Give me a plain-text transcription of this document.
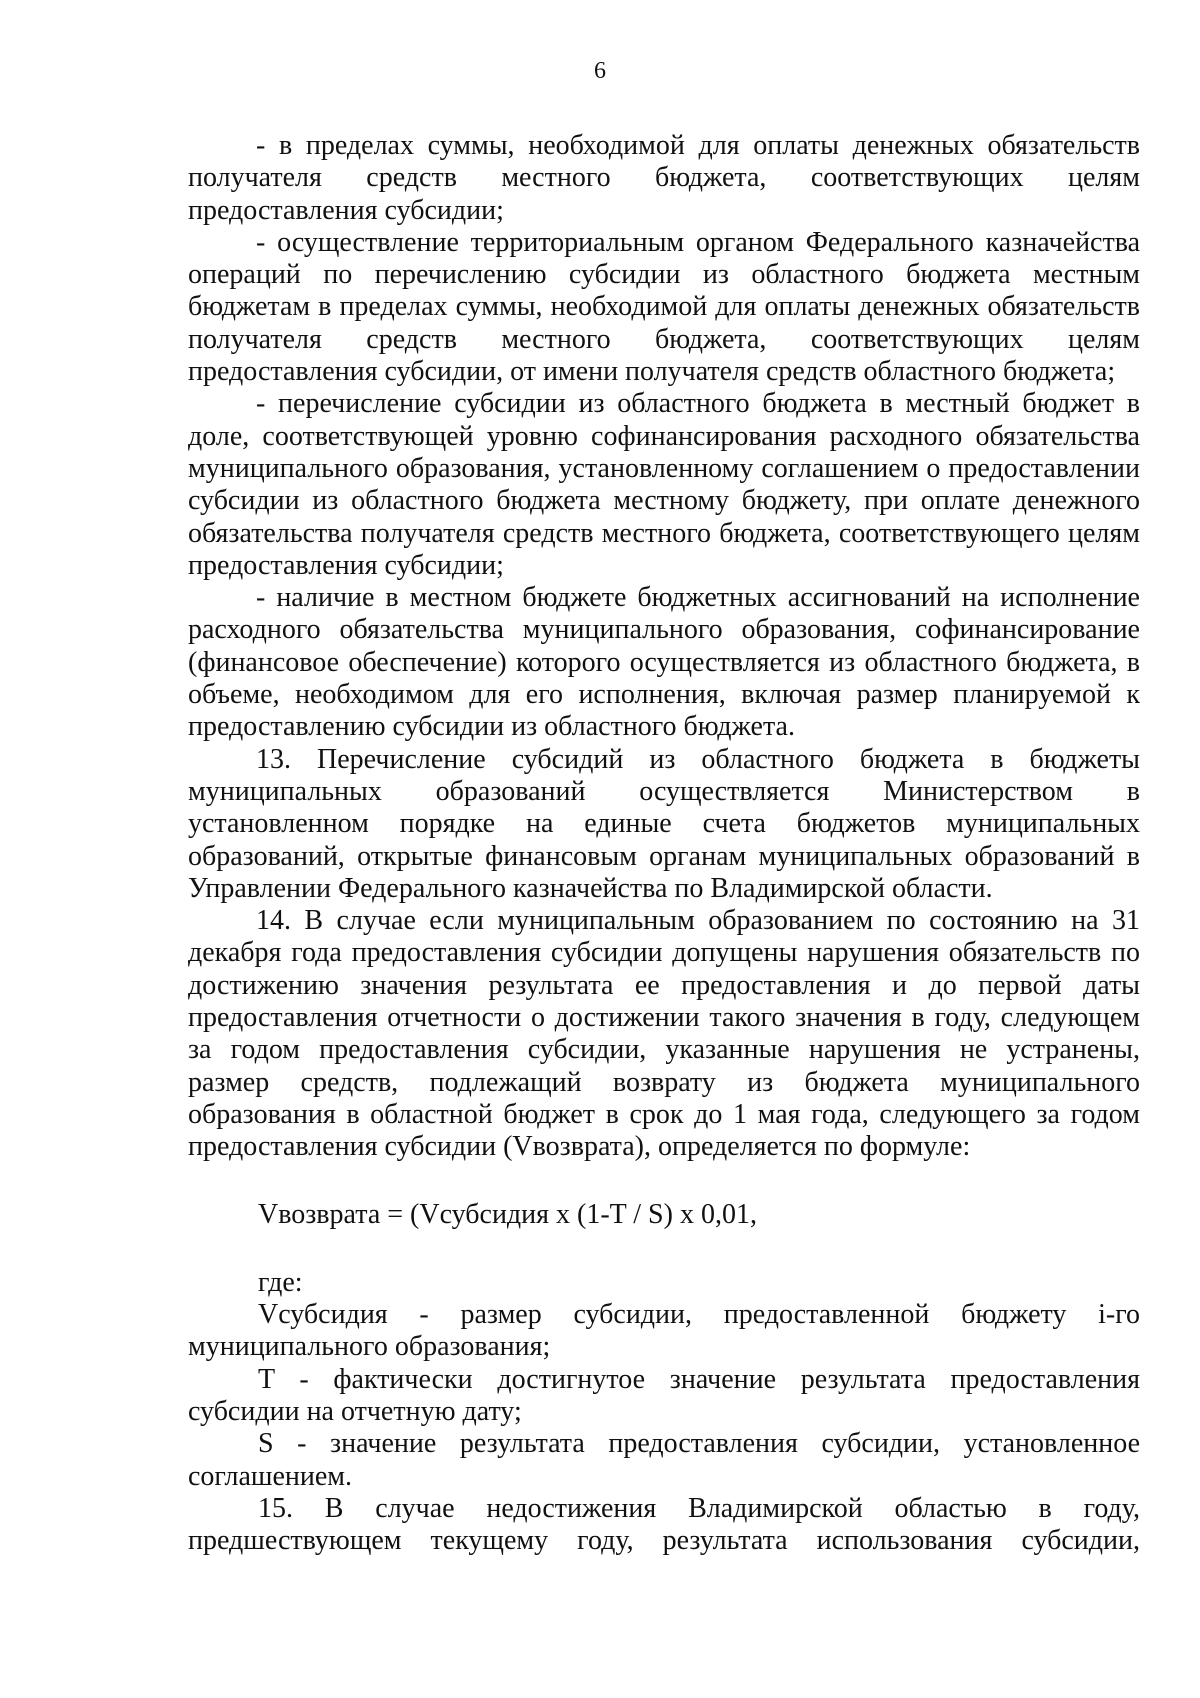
6

- в пределах суммы, необходимой для оплаты денежных обязательств получателя средств местного бюджета, соответствующих целям предоставления субсидии;

- осуществление территориальным органом Федерального казначейства операций по перечислению субсидии из областного бюджета местным бюджетам в пределах суммы, необходимой для оплаты денежных обязательств получателя средств местного бюджета, соответствующих целям предоставления субсидии, от имени получателя средств областного бюджета;

- перечисление субсидии из областного бюджета в местный бюджет в доле, соответствующей уровню софинансирования расходного обязательства муниципального образования, установленному соглашением о предоставлении субсидии из областного бюджета местному бюджету, при оплате денежного обязательства получателя средств местного бюджета, соответствующего целям предоставления субсидии;

- наличие в местном бюджете бюджетных ассигнований на исполнение расходного обязательства муниципального образования, софинансирование (финансовое обеспечение) которого осуществляется из областного бюджета, в объеме, необходимом для его исполнения, включая размер планируемой к предоставлению субсидии из областного бюджета.

13. Перечисление субсидий из областного бюджета в бюджеты муниципальных образований осуществляется Министерством в установленном порядке на единые счета бюджетов муниципальных образований, открытые финансовым органам муниципальных образований в Управлении Федерального казначейства по Владимирской области.

14. В случае если муниципальным образованием по состоянию на 31 декабря года предоставления субсидии допущены нарушения обязательств по достижению значения результата ее предоставления и до первой даты предоставления отчетности о достижении такого значения в году, следующем за годом предоставления субсидии, указанные нарушения не устранены, размер средств, подлежащий возврату из бюджета муниципального образования в областной бюджет в срок до 1 мая года, следующего за годом предоставления субсидии (Vвозврата), определяется по формуле:

Vвозврата = (Vсубсидия x (1-T / S) x 0,01,

где:

Vсубсидия - размер субсидии, предоставленной бюджету i-го муниципального образования;

T - фактически достигнутое значение результата предоставления субсидии на отчетную дату;

S - значение результата предоставления субсидии, установленное соглашением.

15. В случае недостижения Владимирской областью в году, предшествующем текущему году, результата использования субсидии,
